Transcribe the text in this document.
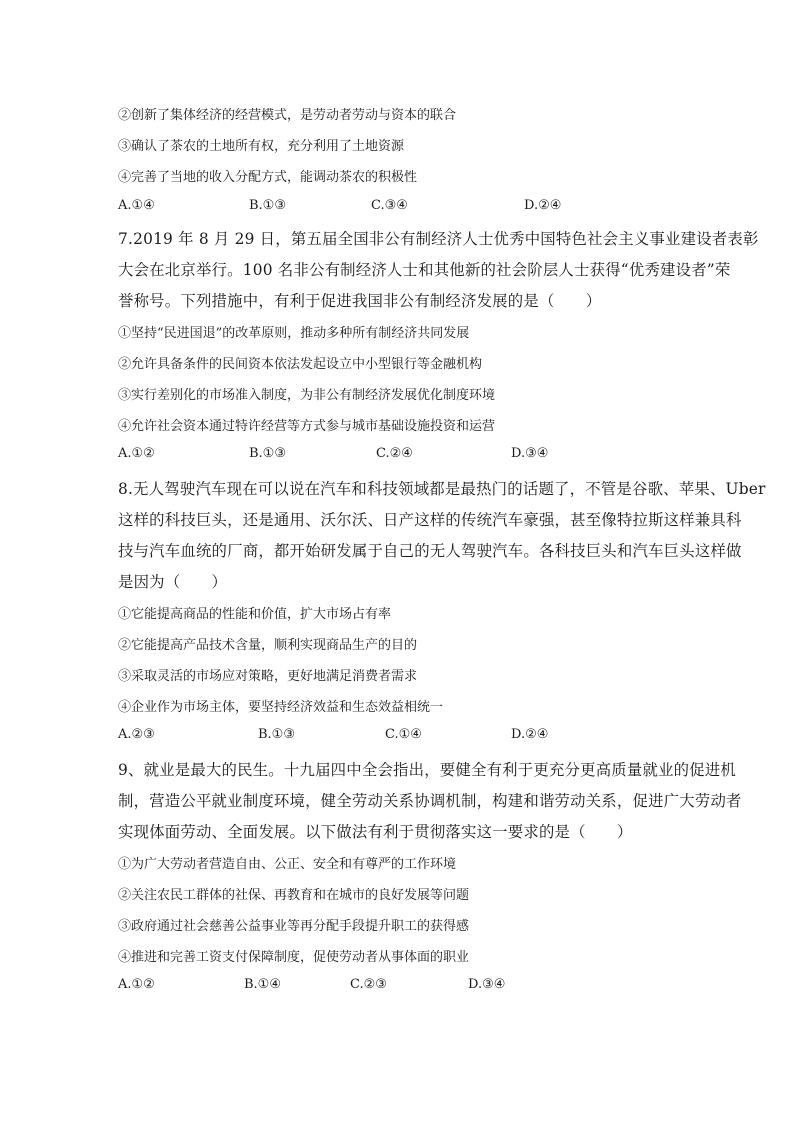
②创新了集体经济的经营模式，是劳动者劳动与资本的联合
③确认了茶农的土地所有权，充分利用了土地资源
④完善了当地的收入分配方式，能调动茶农的积极性
A.①④	B.①③	C.③④	D.②④
7.2019 年 8 月 29 日，第五届全国非公有制经济人士优秀中国特色社会主义事业建设者表彰
大会在北京举行。100 名非公有制经济人士和其他新的社会阶层人士获得“优秀建设者”荣
誉称号。下列措施中，有利于促进我国非公有制经济发展的是（　　）
①坚持“民进国退”的改革原则，推动多种所有制经济共同发展
②允许具备条件的民间资本依法发起设立中小型银行等金融机构
③实行差别化的市场准入制度，为非公有制经济发展优化制度环境
④允许社会资本通过特许经营等方式参与城市基础设施投资和运营
A.①②	B.①③	C.②④	D.③④
8.无人驾驶汽车现在可以说在汽车和科技领域都是最热门的话题了，不管是谷歌、苹果、Uber
这样的科技巨头，还是通用、沃尔沃、日产这样的传统汽车豪强，甚至像特拉斯这样兼具科
技与汽车血统的厂商，都开始研发属于自己的无人驾驶汽车。各科技巨头和汽车巨头这样做
是因为（　　）
①它能提高商品的性能和价值，扩大市场占有率
②它能提高产品技术含量，顺利实现商品生产的目的
③采取灵活的市场应对策略，更好地满足消费者需求
④企业作为市场主体，要坚持经济效益和生态效益相统一
A.②③	B.①③	C.①④	D.②④
9、就业是最大的民生。十九届四中全会指出，要健全有利于更充分更高质量就业的促进机
制，营造公平就业制度环境，健全劳动关系协调机制，构建和谐劳动关系，促进广大劳动者
实现体面劳动、全面发展。以下做法有利于贯彻落实这一要求的是（　　）
①为广大劳动者营造自由、公正、安全和有尊严的工作环境
②关注农民工群体的社保、再教育和在城市的良好发展等问题
③政府通过社会慈善公益事业等再分配手段提升职工的获得感
④推进和完善工资支付保障制度，促使劳动者从事体面的职业
A.①②	B.①④	C.②③	D.③④
